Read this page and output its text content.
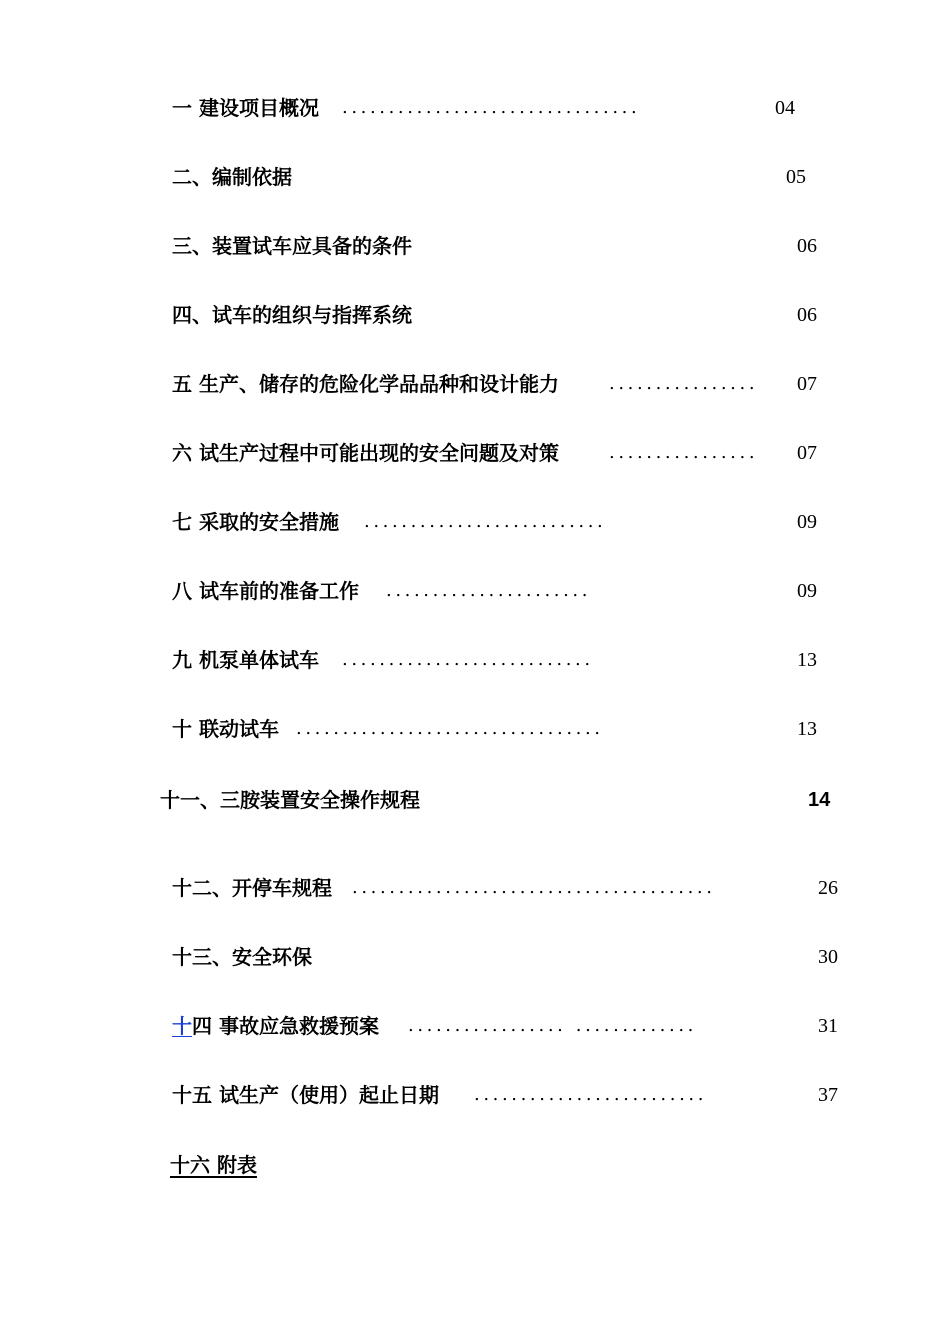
一 建设项目概况 ................................	04
二、编制依据	05
三、装置试车应具备的条件	06
四、试车的组织与指挥系统	06
五 生产、储存的危险化学品品种和设计能力	................	07
六 试生产过程中可能出现的安全问题及对策	................	07
七 采取的安全措施 ..........................	09
八 试车前的准备工作 ......................	09
九 机泵单体试车 ...........................	13
十 联动试车 .................................	13
十一、三胺装置安全操作规程	14
十二、开停车规程 .......................................	26
十三、安全环保	30
十四 事故应急救援预案 ................. .............	31
十五 试生产（使用）起止日期 .........................	37
十六 附表
